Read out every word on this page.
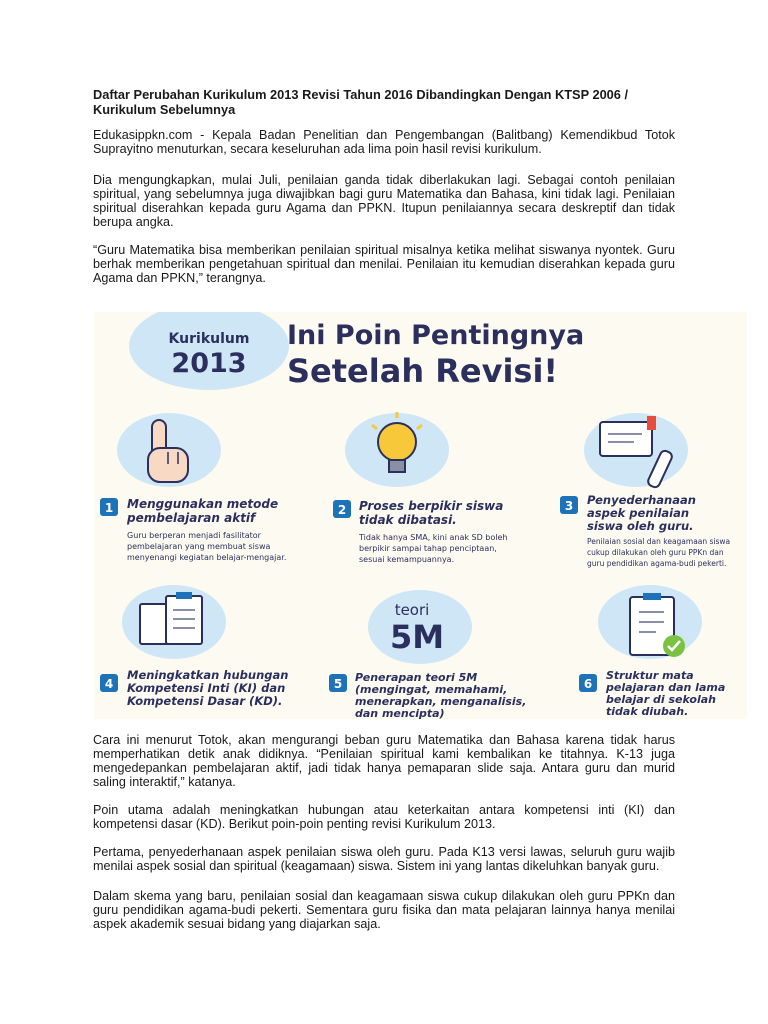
Daftar Perubahan Kurikulum 2013 Revisi Tahun 2016 Dibandingkan Dengan KTSP 2006 / Kurikulum Sebelumnya
Edukasippkn.com - Kepala Badan Penelitian dan Pengembangan (Balitbang) Kemendikbud Totok Suprayitno menuturkan, secara keseluruhan ada lima poin hasil revisi kurikulum.
Dia mengungkapkan, mulai Juli, penilaian ganda tidak diberlakukan lagi. Sebagai contoh penilaian spiritual, yang sebelumnya juga diwajibkan bagi guru Matematika dan Bahasa, kini tidak lagi. Penilaian spiritual diserahkan kepada guru Agama dan PPKN. Itupun penilaiannya secara deskreptif dan tidak berupa angka.
“Guru Matematika bisa memberikan penilaian spiritual misalnya ketika melihat siswanya nyontek. Guru berhak memberikan pengetahuan spiritual dan menilai. Penilaian itu kemudian diserahkan kepada guru Agama dan PPKN,” terangnya.
Kurikulum
2013
Ini Poin Pentingnya
Setelah Revisi!
1 Menggunakan metode
pembelajaran aktif
Guru berperan menjadi fasilitator
pembelajaran yang membuat siswa
menyenangi kegiatan belajar-mengajar.
2 Proses berpikir siswa
tidak dibatasi.
Tidak hanya SMA, kini anak SD boleh
berpikir sampai tahap penciptaan,
sesuai kemampuannya.
3 Penyederhanaan
aspek penilaian
siswa oleh guru.
Penilaian sosial dan keagamaan siswa
cukup dilakukan oleh guru PPKn dan
guru pendidikan agama-budi pekerti.
teori
5M
4
Meningkatkan hubungan
Kompetensi Inti (KI) dan
Kompetensi Dasar (KD).
5 Penerapan teori 5M
(mengingat, memahami,
menerapkan, menganalisis,
dan mencipta)
6
Struktur mata
pelajaran dan lama
belajar di sekolah
tidak diubah.
Cara ini menurut Totok, akan mengurangi beban guru Matematika dan Bahasa karena tidak harus memperhatikan detik anak didiknya. “Penilaian spiritual kami kembalikan ke titahnya. K-13 juga mengedepankan pembelajaran aktif, jadi tidak hanya pemaparan slide saja. Antara guru dan murid saling interaktif,” katanya.
Poin utama adalah meningkatkan hubungan atau keterkaitan antara kompetensi inti (KI) dan kompetensi dasar (KD). Berikut poin-poin penting revisi Kurikulum 2013.
Pertama, penyederhanaan aspek penilaian siswa oleh guru. Pada K13 versi lawas, seluruh guru wajib menilai aspek sosial dan spiritual (keagamaan) siswa. Sistem ini yang lantas dikeluhkan banyak guru.
Dalam skema yang baru, penilaian sosial dan keagamaan siswa cukup dilakukan oleh guru PPKn dan guru pendidikan agama-budi pekerti. Sementara guru fisika dan mata pelajaran lainnya hanya menilai aspek akademik sesuai bidang yang diajarkan saja.
